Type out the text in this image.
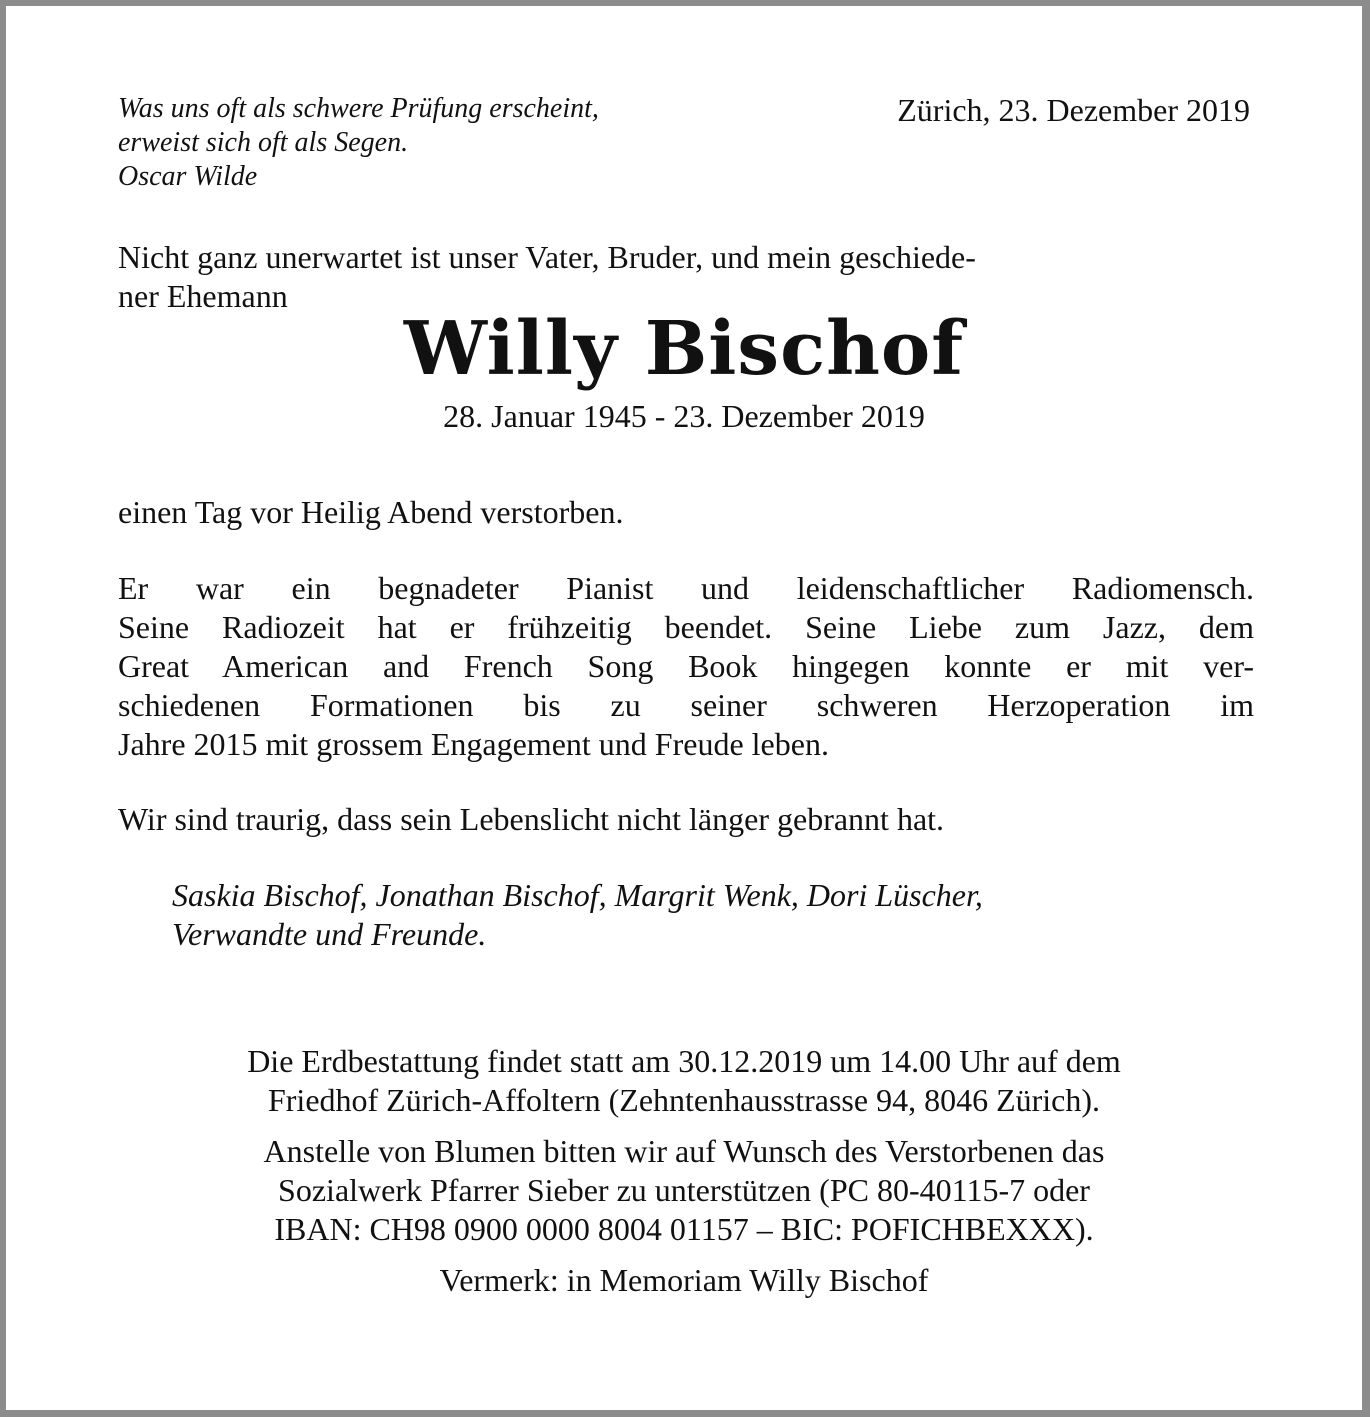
Was uns oft als schwere Prüfung erscheint,
erweist sich oft als Segen.
Oscar Wilde
Zürich, 23. Dezember 2019
Nicht ganz unerwartet ist unser Vater, Bruder, und mein geschiede-
ner Ehemann
Willy Bischof
28. Januar 1945 - 23. Dezember 2019
einen Tag vor Heilig Abend verstorben.
Er war ein begnadeter Pianist und leidenschaftlicher Radiomensch.
Seine Radiozeit hat er frühzeitig beendet. Seine Liebe zum Jazz, dem
Great American and French Song Book hingegen konnte er mit ver-
schiedenen Formationen bis zu seiner schweren Herzoperation im
Jahre 2015 mit grossem Engagement und Freude leben.
Wir sind traurig, dass sein Lebenslicht nicht länger gebrannt hat.
Saskia Bischof, Jonathan Bischof, Margrit Wenk, Dori Lüscher,
Verwandte und Freunde.
Die Erdbestattung findet statt am 30.12.2019 um 14.00 Uhr auf dem
Friedhof Zürich-Affoltern (Zehntenhausstrasse 94, 8046 Zürich).
Anstelle von Blumen bitten wir auf Wunsch des Verstorbenen das
Sozialwerk Pfarrer Sieber zu unterstützen (PC 80-40115-7 oder
IBAN: CH98 0900 0000 8004 01157 – BIC: POFICHBEXXX).
Vermerk: in Memoriam Willy Bischof
